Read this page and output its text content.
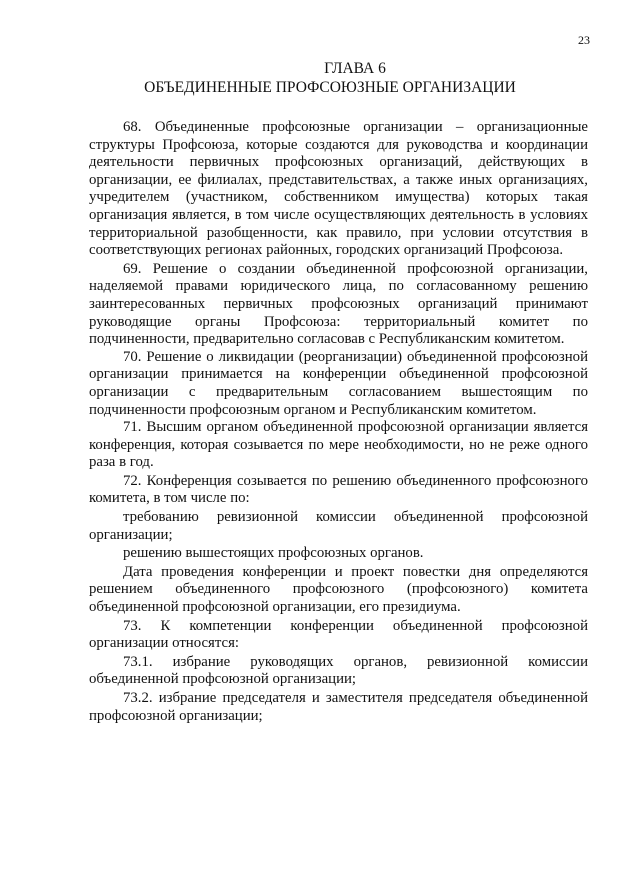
23
ГЛАВА 6
ОБЪЕДИНЕННЫЕ ПРОФСОЮЗНЫЕ ОРГАНИЗАЦИИ

68. Объединенные профсоюзные организации – организационные структуры Профсоюза, которые создаются для руководства и координации деятельности первичных профсоюзных организаций, действующих в организации, ее филиалах, представительствах, а также иных организациях, учредителем (участником, собственником имущества) которых такая организация является, в том числе осуществляющих деятельность в условиях территориальной разобщенности, как правило, при условии отсутствия в соответствующих регионах районных, городских организаций Профсоюза.

69. Решение о создании объединенной профсоюзной организации, наделяемой правами юридического лица, по согласованному решению заинтересованных первичных профсоюзных организаций принимают руководящие органы Профсоюза: территориальный комитет по подчиненности, предварительно согласовав с Республиканским комитетом.

70. Решение о ликвидации (реорганизации) объединенной профсоюзной организации принимается на конференции объединенной профсоюзной организации с предварительным согласованием вышестоящим по подчиненности профсоюзным органом и Республиканским комитетом.

71. Высшим органом объединенной профсоюзной организации является конференция, которая созывается по мере необходимости, но не реже одного раза в год.

72. Конференция созывается по решению объединенного профсоюзного комитета, в том числе по:

требованию ревизионной комиссии объединенной профсоюзной организации;

решению вышестоящих профсоюзных органов.

Дата проведения конференции и проект повестки дня определяются решением объединенного профсоюзного (профсоюзного) комитета объединенной профсоюзной организации, его президиума.

73. К компетенции конференции объединенной профсоюзной организации относятся:

73.1. избрание руководящих органов, ревизионной комиссии объединенной профсоюзной организации;

73.2. избрание председателя и заместителя председателя объединенной профсоюзной организации;
